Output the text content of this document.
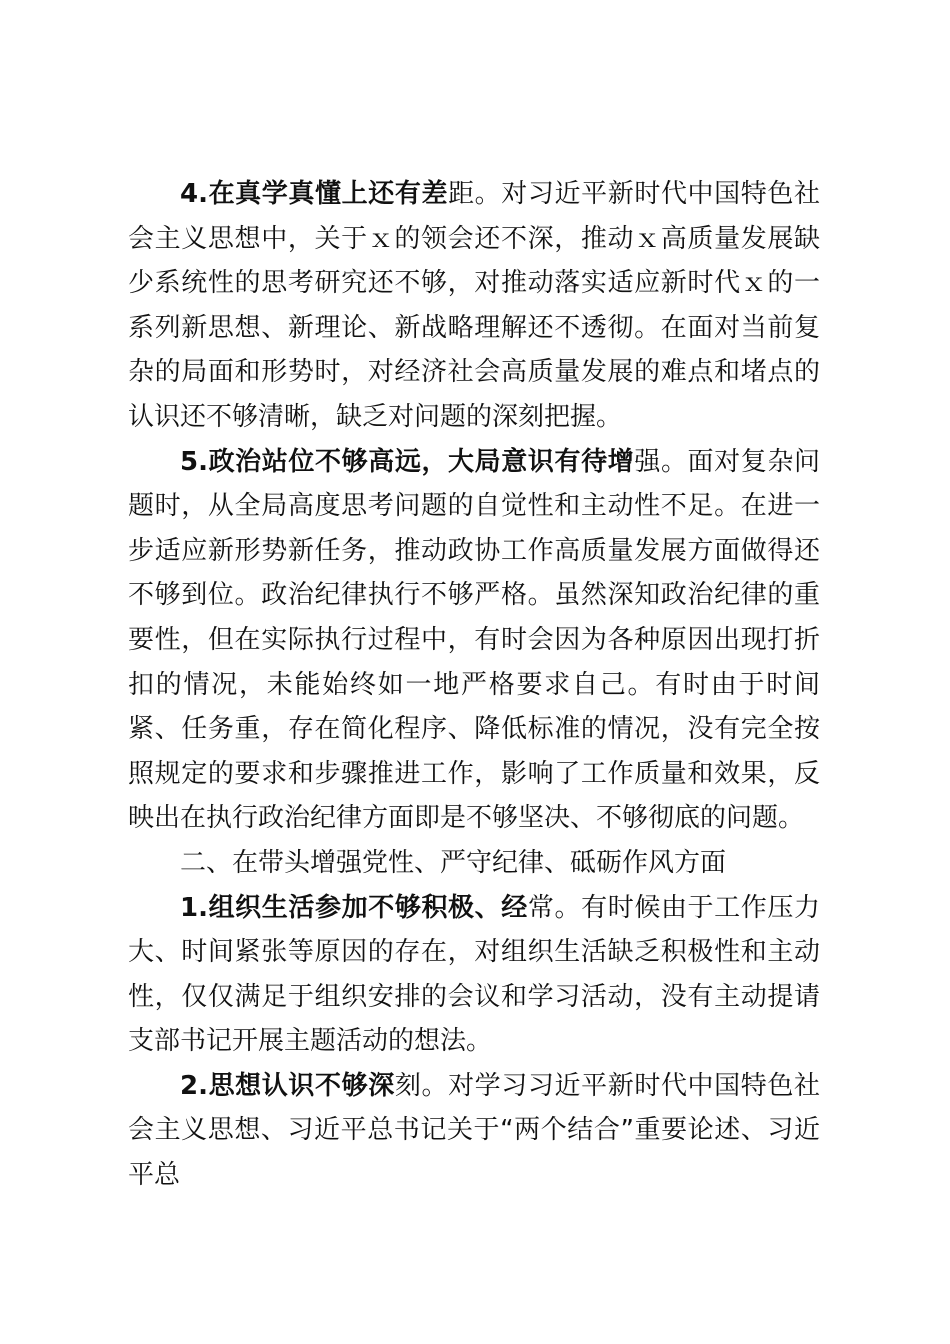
4.在真学真懂上还有差距。对习近平新时代中国特色社会主义思想中，关于ｘ的领会还不深，推动ｘ高质量发展缺少系统性的思考研究还不够，对推动落实适应新时代ｘ的一系列新思想、新理论、新战略理解还不透彻。在面对当前复杂的局面和形势时，对经济社会高质量发展的难点和堵点的认识还不够清晰，缺乏对问题的深刻把握。

5.政治站位不够高远，大局意识有待增强。面对复杂问题时，从全局高度思考问题的自觉性和主动性不足。在进一步适应新形势新任务，推动政协工作高质量发展方面做得还不够到位。政治纪律执行不够严格。虽然深知政治纪律的重要性，但在实际执行过程中，有时会因为各种原因出现打折扣的情况，未能始终如一地严格要求自己。有时由于时间紧、任务重，存在简化程序、降低标准的情况，没有完全按照规定的要求和步骤推进工作，影响了工作质量和效果，反映出在执行政治纪律方面即是不够坚决、不够彻底的问题。

二、在带头增强党性、严守纪律、砥砺作风方面

1.组织生活参加不够积极、经常。有时候由于工作压力大、时间紧张等原因的存在，对组织生活缺乏积极性和主动性，仅仅满足于组织安排的会议和学习活动，没有主动提请支部书记开展主题活动的想法。

2.思想认识不够深刻。对学习习近平新时代中国特色社会主义思想、习近平总书记关于“两个结合”重要论述、习近平总
